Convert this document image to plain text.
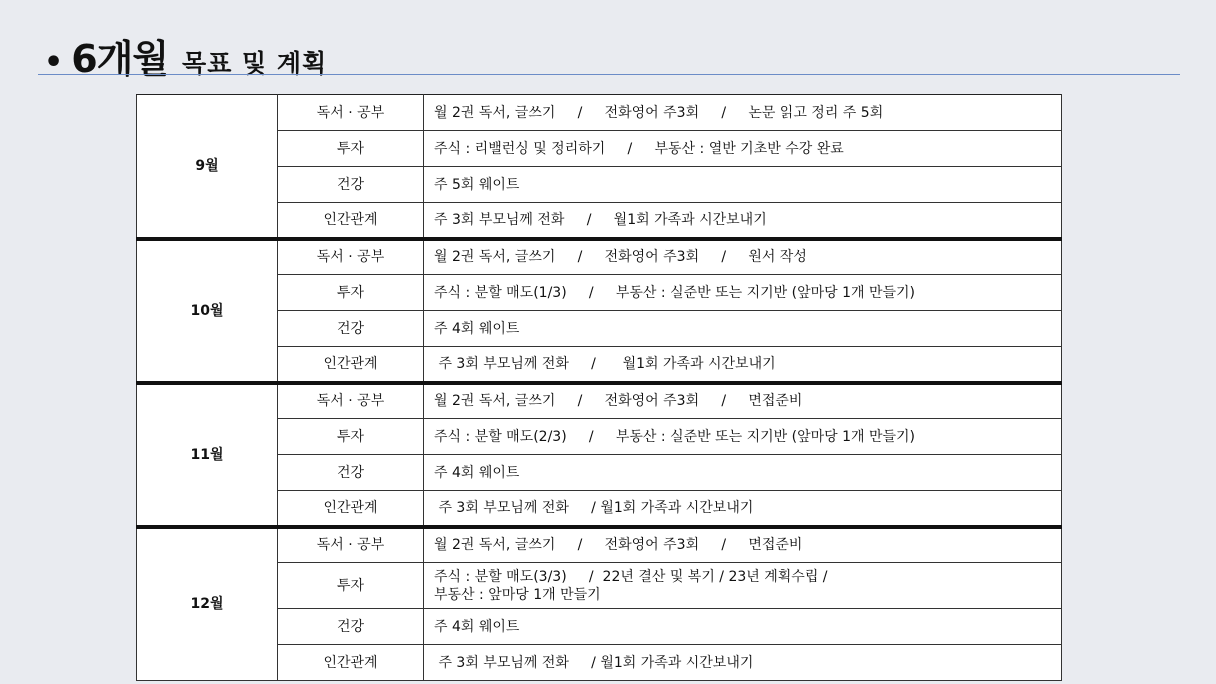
• 6개월 목표 및 계획
9월	독서 · 공부	월 2권 독서, 글쓰기     /     전화영어 주3회     /     논문 읽고 정리 주 5회
	투자	주식 : 리밸런싱 및 정리하기     /     부동산 : 열반 기초반 수강 완료
	건강	주 5회 웨이트
	인간관계	주 3회 부모님께 전화     /     월1회 가족과 시간보내기
10월	독서 · 공부	월 2권 독서, 글쓰기     /     전화영어 주3회     /     원서 작성
	투자	주식 : 분할 매도(1/3)     /     부동산 : 실준반 또는 지기반 (앞마당 1개 만들기)
	건강	주 4회 웨이트
	인간관계	주 3회 부모님께 전화     /      월1회 가족과 시간보내기
11월	독서 · 공부	월 2권 독서, 글쓰기     /     전화영어 주3회     /     면접준비
	투자	주식 : 분할 매도(2/3)     /     부동산 : 실준반 또는 지기반 (앞마당 1개 만들기)
	건강	주 4회 웨이트
	인간관계	주 3회 부모님께 전화     / 월1회 가족과 시간보내기
12월	독서 · 공부	월 2권 독서, 글쓰기     /     전화영어 주3회     /     면접준비
	투자	주식 : 분할 매도(3/3)     /  22년 결산 및 복기 / 23년 계획수립 /
부동산 : 앞마당 1개 만들기

	건강	주 4회 웨이트
	인간관계	주 3회 부모님께 전화     / 월1회 가족과 시간보내기
